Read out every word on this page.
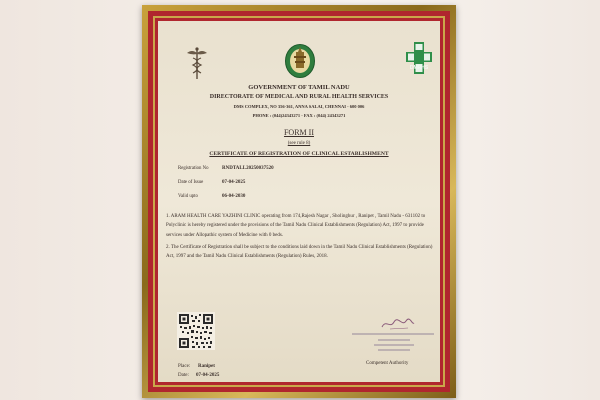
DMRHS
GOVERNMENT OF TAMIL NADU
DIRECTORATE OF MEDICAL AND RURAL HEALTH SERVICES
DMS COMPLEX, NO 356-361, ANNA SALAI, CHENNAI - 600 006
PHONE : (044)24343271 - FAX : (044) 24343271
FORM II
(see rule 8)
CERTIFICATE OF REGISTRATION OF CLINICAL ESTABLISHMENT
Registration No	RNDTALL20250037520
Date of Issue	07-04-2025
Valid upto	06-04-2030

1. ARAM HEALTH CARE YAZHINI CLINIC operating from 174,Rajesh Nagar , Sholinghur , Ranipet , Tamil Nadu - 631102 to Polyclinic is hereby registered under the provisions of the Tamil Nadu Clinical Establishments (Regulation) Act, 1997 to provide services under Allopathic system of Medicine with 0 beds.

2. The Certificate of Registration shall be subject to the conditions laid down in the Tamil Nadu Clinical Establishments (Regulation) Act, 1997 and the Tamil Nadu Clinical Establishments (Regulation) Rules, 2018.

Place: Ranipet
Date: 07-04-2025
Competent Authority
